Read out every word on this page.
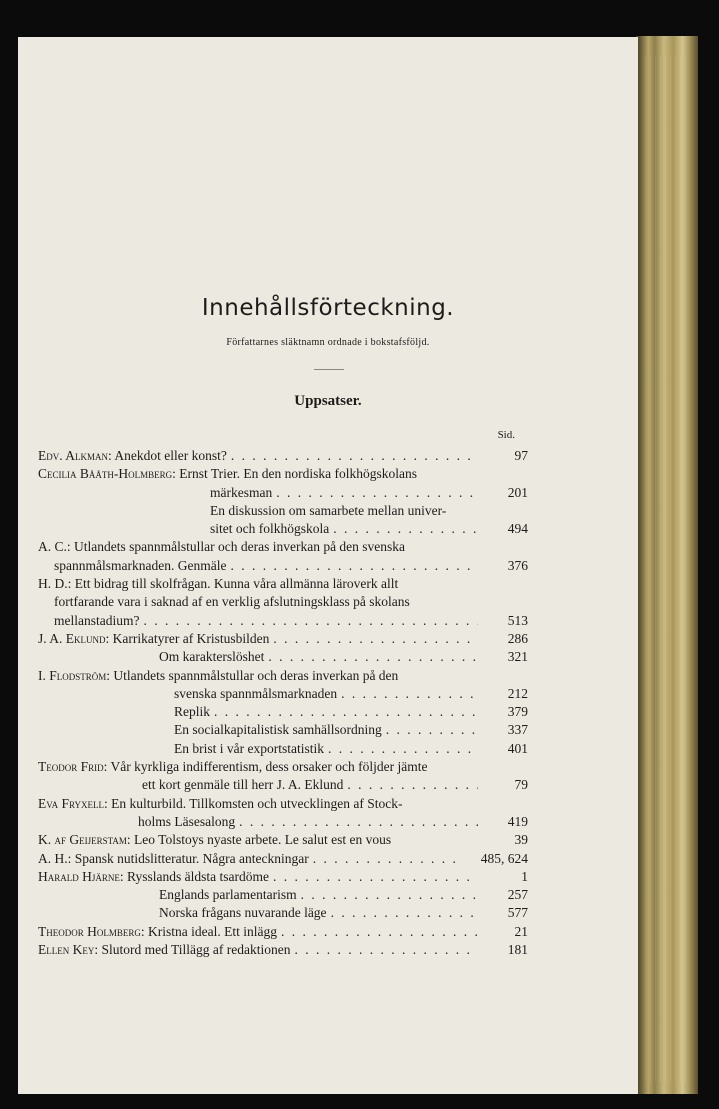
Innehållsförteckning.

Författarnes släktnamn ordnade i bokstafsföljd.

Uppsatser.
Sid.
Edv. Alkman: Anekdot eller konst? . . .	97
Cecilia Bååth-Holmberg: Ernst Trier. En den nordiska folkhögskolans
märkesman . . .	201
En diskussion om samarbete mellan univer-
sitet och folkhögskola . . .	494
A. C.: Utlandets spannmålstullar och deras inverkan på den svenska
spannmålsmarknaden. Genmäle . . .	376
H. D.: Ett bidrag till skolfrågan. Kunna våra allmänna läroverk allt
fortfarande vara i saknad af en verklig afslutningsklass på skolans
mellanstadium? . . .	513
J. A. Eklund: Karrikatyrer af Kristusbilden . . .	286
Om karakterslöshet . . .	321
I. Flodström: Utlandets spannmålstullar och deras inverkan på den
svenska spannmålsmarknaden . . .	212
Replik . . .	379
En socialkapitalistisk samhällsordning . . .	337
En brist i vår exportstatistik . . .	401
Teodor Frid: Vår kyrkliga indifferentism, dess orsaker och följder jämte
ett kort genmäle till herr J. A. Eklund . . .	79
Eva Fryxell: En kulturbild. Tillkomsten och utvecklingen af Stock-
holms Läsesalong . . .	419
K. af Geijerstam: Leo Tolstoys nyaste arbete. Le salut est en vous	39
A. H.: Spansk nutidslitteratur. Några anteckningar . . .	485, 624
Harald Hjärne: Rysslands äldsta tsardöme . . .	1
Englands parlamentarism . . .	257
Norska frågans nuvarande läge . . .	577
Theodor Holmberg: Kristna ideal. Ett inlägg . . .	21
Ellen Key: Slutord med Tillägg af redaktionen . . .	181
